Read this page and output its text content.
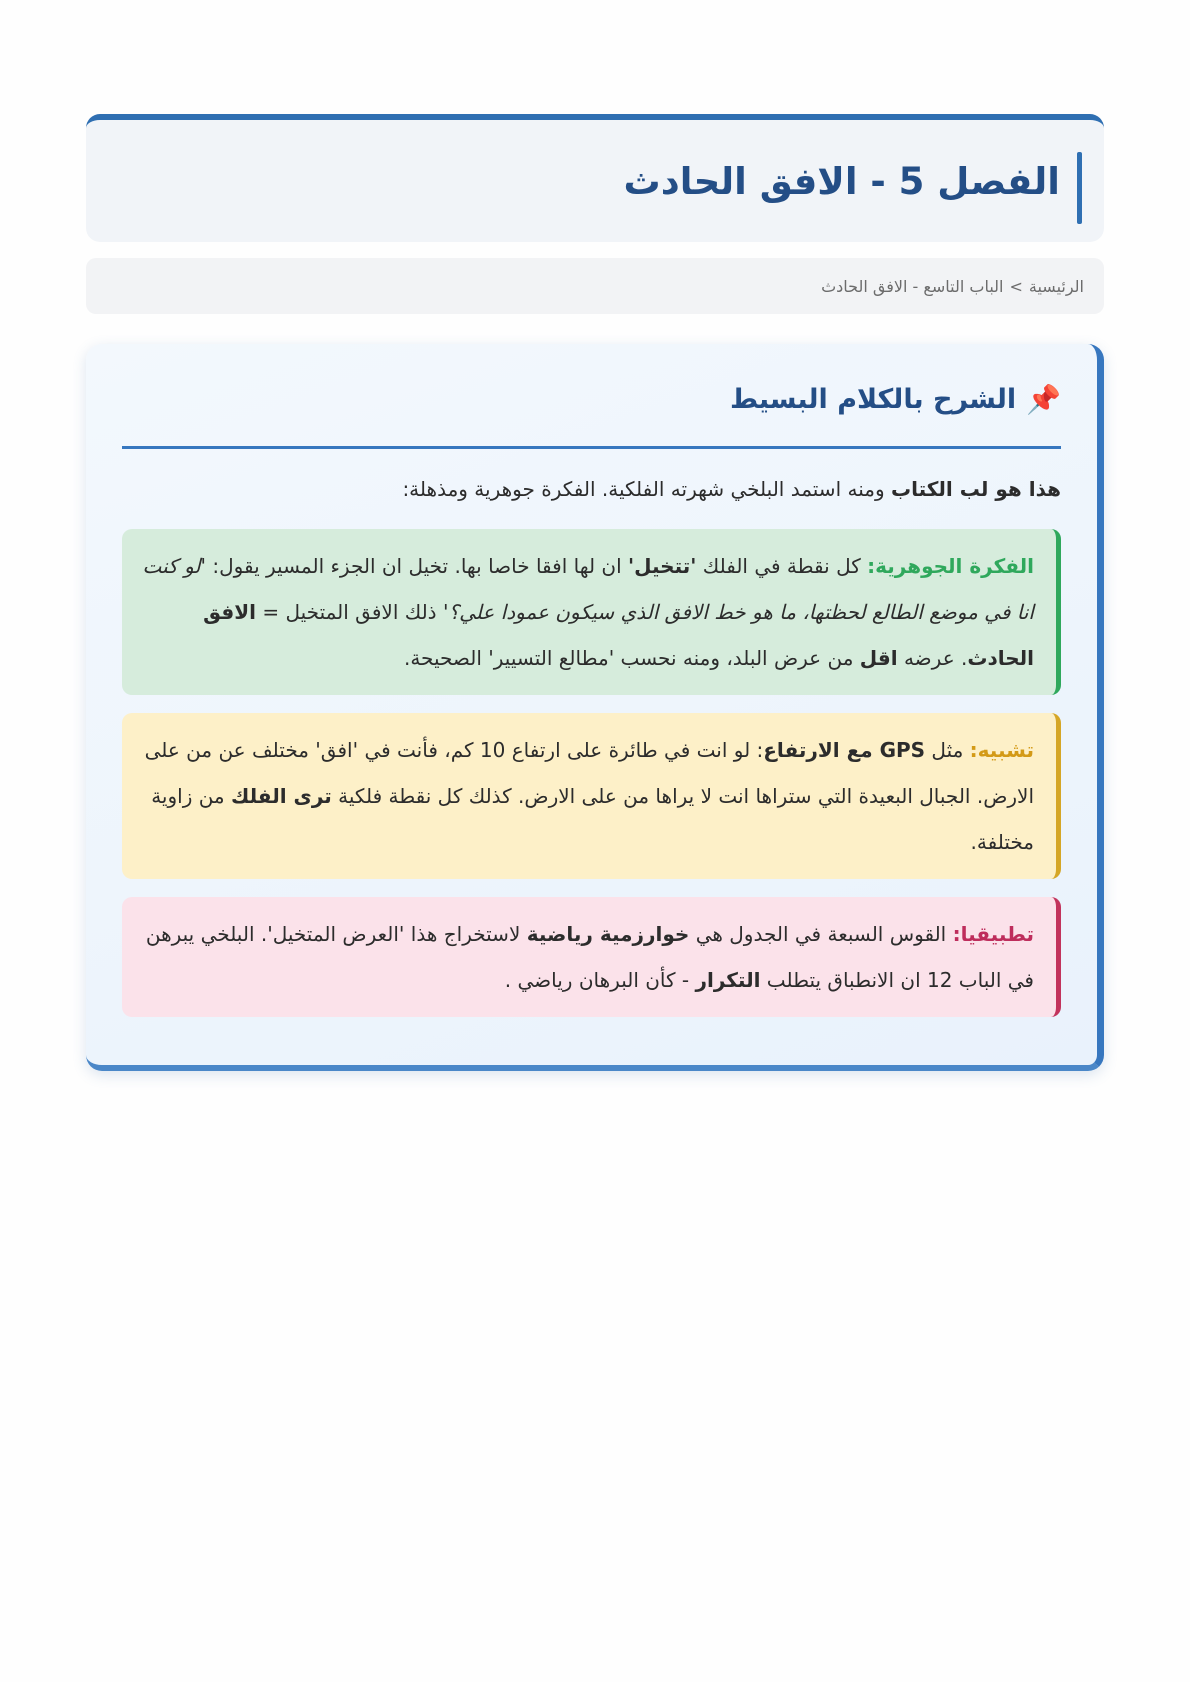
الفصل 5 - الافق الحادث
الرئيسية
>
الباب التاسع - الافق الحادث
📌
الشرح بالكلام البسيط

هذا هو لب الكتاب ومنه استمد البلخي شهرته الفلكية. الفكرة جوهرية ومذهلة:

الفكرة الجوهرية: كل نقطة في الفلك 'تتخيل' ان لها افقا خاصا بها. تخيل ان الجزء المسير يقول: 'لو كنت انا في موضع الطالع لحظتها، ما هو خط الافق الذي سيكون عمودا علي؟' ذلك الافق المتخيل = الافق الحادث. عرضه اقل من عرض البلد، ومنه نحسب 'مطالع التسيير' الصحيحة.
تشبيه: مثل GPS مع الارتفاع: لو انت في طائرة على ارتفاع 10 كم، فأنت في 'افق' مختلف عن من على الارض. الجبال البعيدة التي ستراها انت لا يراها من على الارض. كذلك كل نقطة فلكية ترى الفلك من زاوية مختلفة.
تطبيقيا: القوس السبعة في الجدول هي خوارزمية رياضية لاستخراج هذا 'العرض المتخيل'. البلخي يبرهن في الباب 12 ان الانطباق يتطلب التكرار - كأن البرهان رياضي .
